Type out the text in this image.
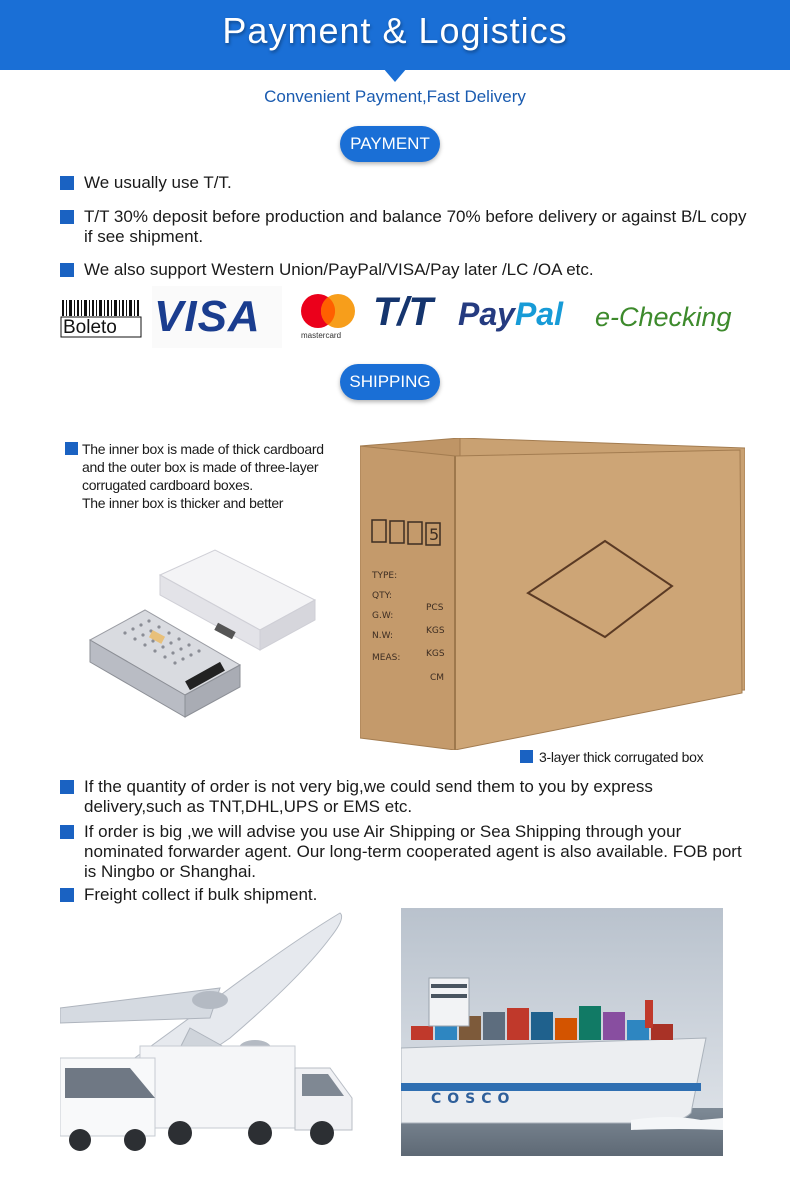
Payment & Logistics
Convenient Payment,Fast Delivery
PAYMENT
We usually use T/T.
T/T 30% deposit before production and balance 70% before delivery or against B/L copy if see shipment.
We also support Western Union/PayPal/VISA/Pay later /LC /OA etc.
Boleto VISA	mastercard
T/T PayPal e-Checking
SHIPPING
The inner box is made of thick cardboard
and the outer box is made of three-layer
corrugated cardboard boxes.
The inner box is thicker and better
5
TYPE:
QTY:
G.W:
N.W:
MEAS:
PCS
KGS
KGS
CM
3-layer thick corrugated box
If the quantity of order is not very big,we could send them to you by express delivery,such as TNT,DHL,UPS or EMS etc.
If order is big ,we will advise you use Air Shipping or Sea Shipping through your nominated forwarder agent. Our long-term cooperated agent is also available. FOB port is Ningbo or Shanghai.
Freight collect if bulk shipment.
COSCO
